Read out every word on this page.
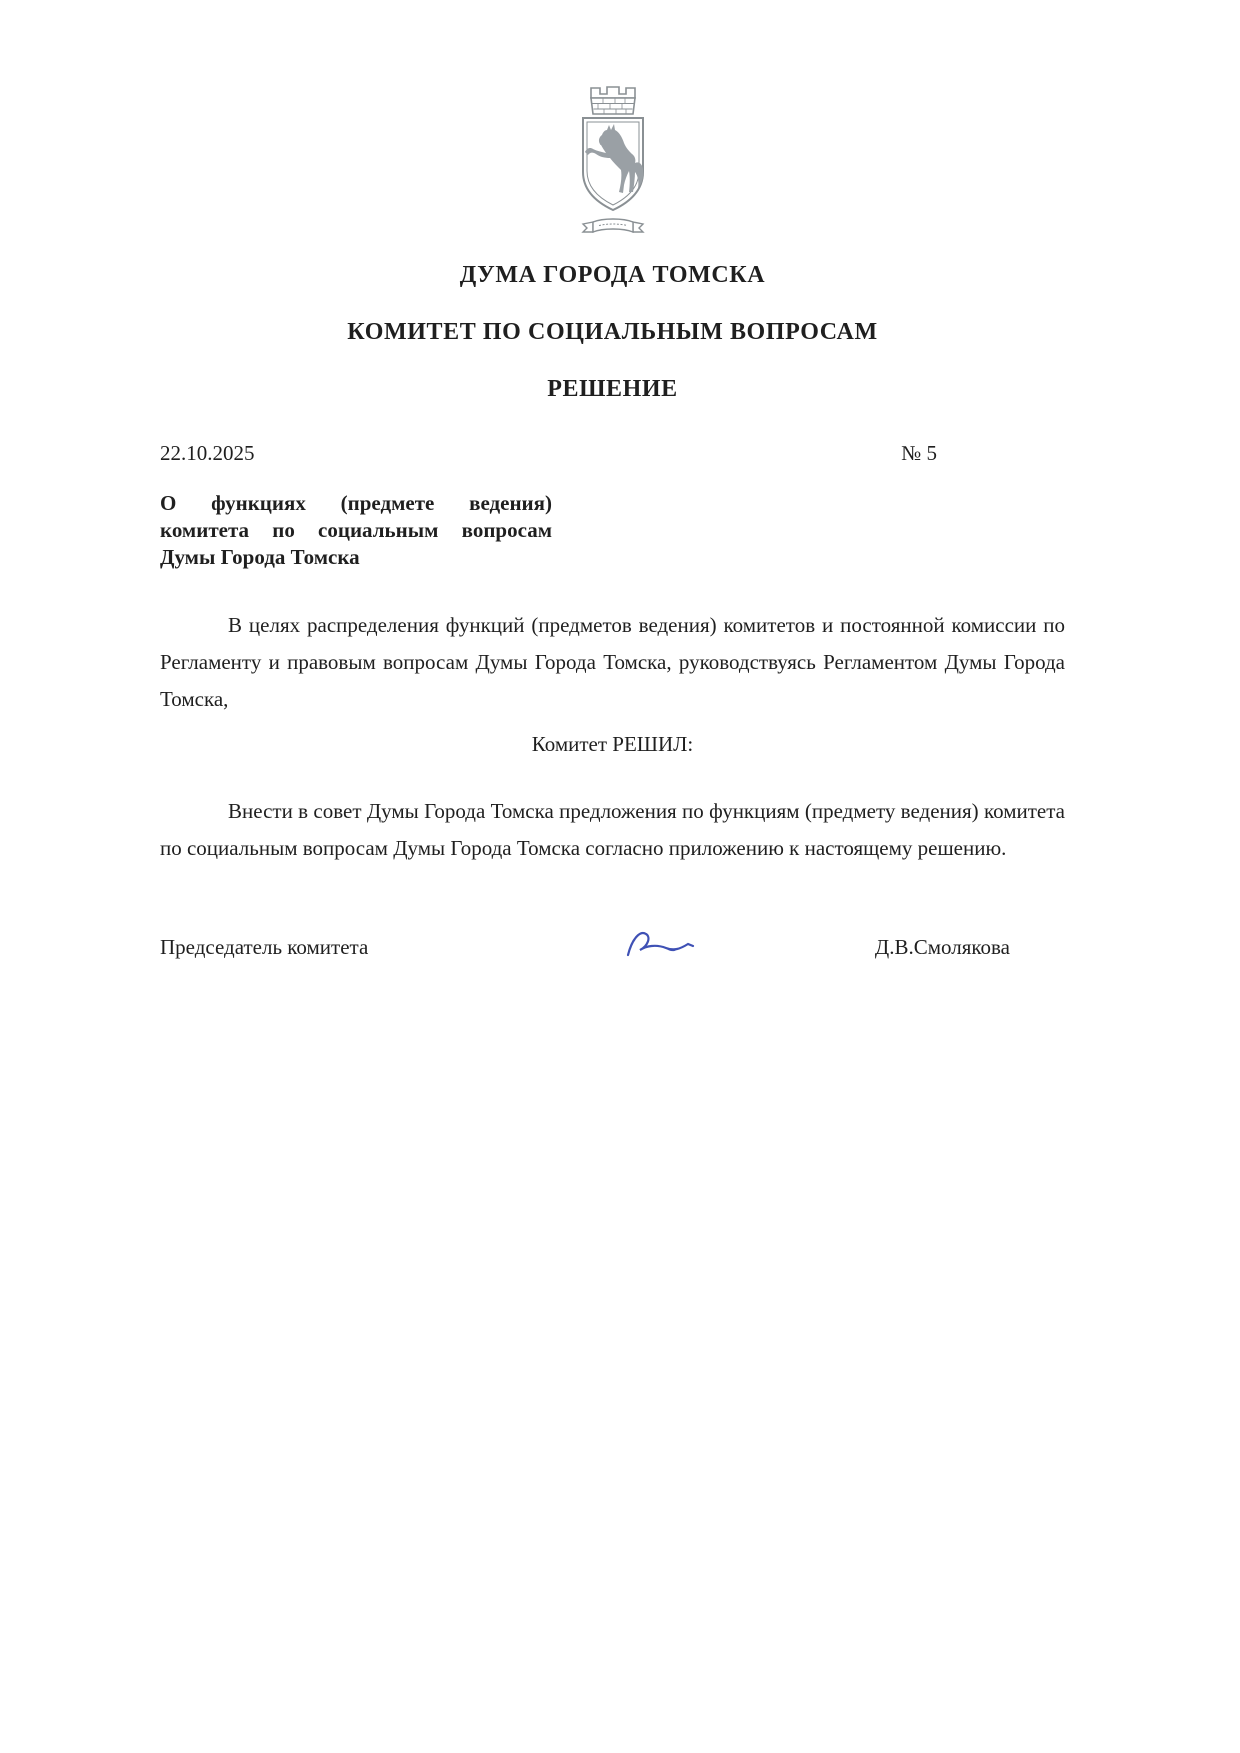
ДУМА ГОРОДА ТОМСКА
КОМИТЕТ ПО СОЦИАЛЬНЫМ ВОПРОСАМ
РЕШЕНИЕ
22.10.2025	№ 5
О функциях (предмете ведения) комитета по социальным вопросам Думы Города Томска

В целях распределения функций (предметов ведения) комитетов и постоянной комиссии по Регламенту и правовым вопросам Думы Города Томска, руководствуясь Регламентом Думы Города Томска,

Комитет РЕШИЛ:

Внести в совет Думы Города Томска предложения по функциям (предмету ведения) комитета по социальным вопросам Думы Города Томска согласно приложению к настоящему решению.

Председатель комитета	Д.В.Смолякова
